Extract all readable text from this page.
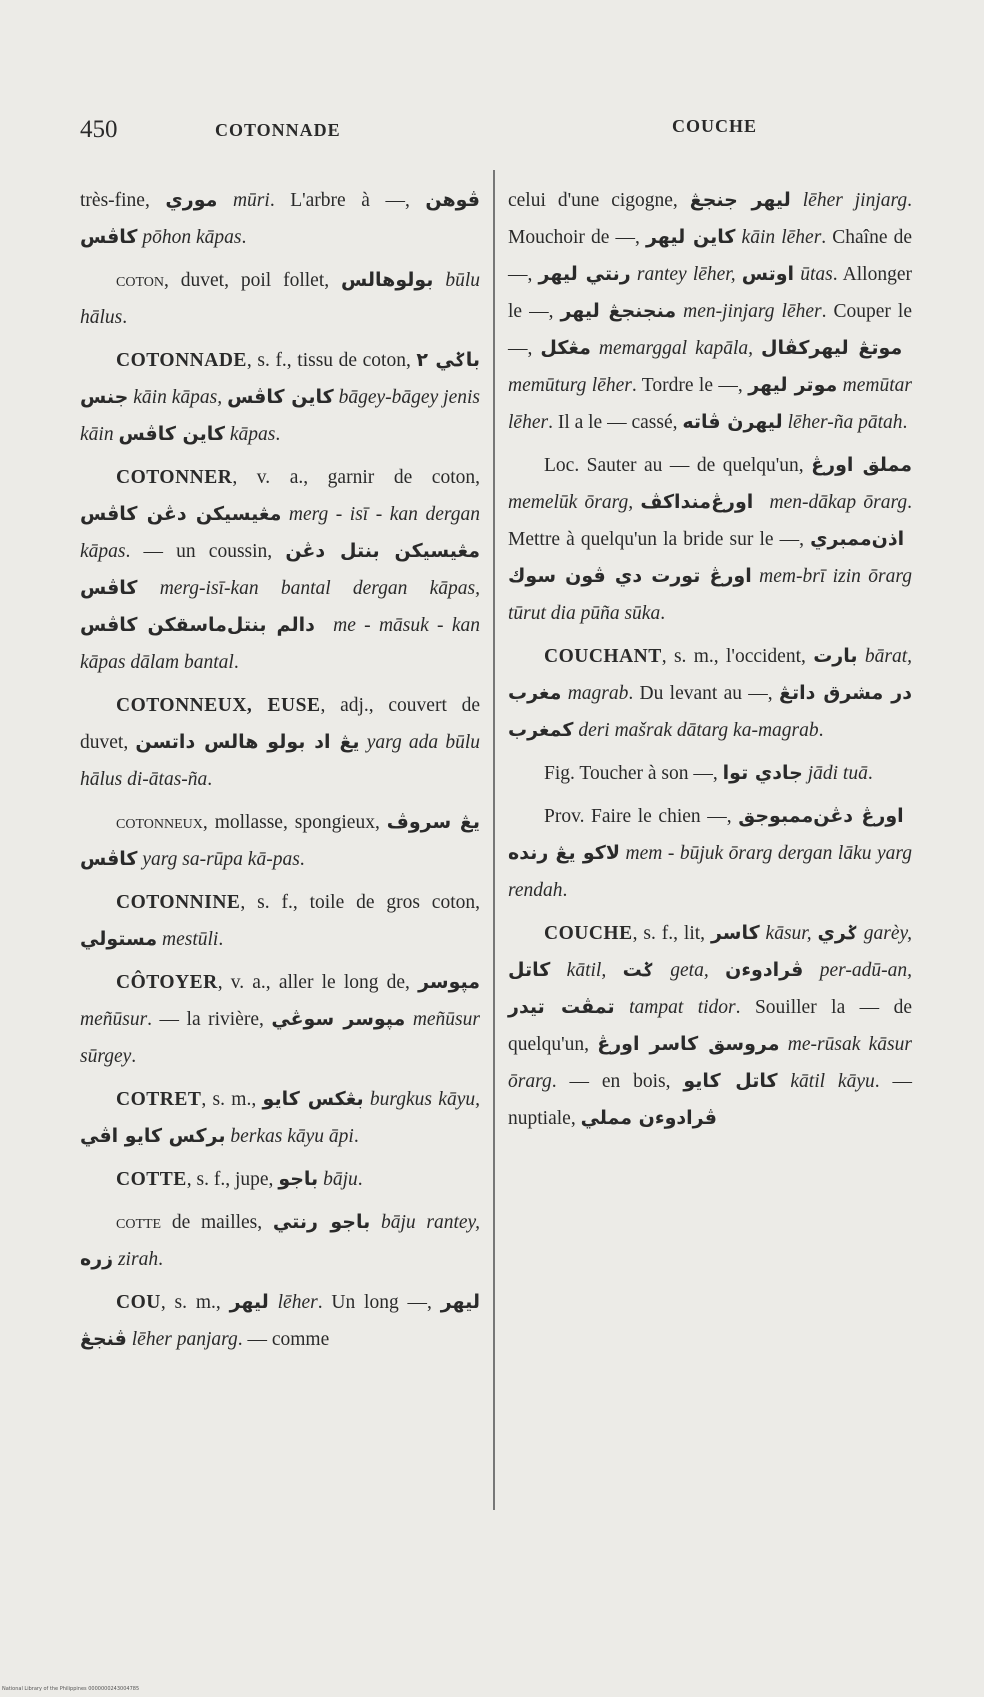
450	COTONNADE	COUCHE

très-fine, موري mūri. L'arbre à —, ڤوهن كاڤس pōhon kāpas.

coton, duvet, poil follet, بولوهالس būlu hālus.

COTONNADE, s. f., tissu de coton, باݢي ٢ جنس kāin kāpas, كاين كاڤس bāgey-bāgey jenis kāin كاين كاڤس kāpas.

COTONNER, v. a., garnir de coton, مڠيسيكن دڠن كاڤس merg - isī - kan dergan kāpas. — un coussin, مڠيسيكن بنتل دڠن كاڤس merg-isī-kan bantal dergan kāpas, ماسقكن كاڤس دالم بنتل me - māsuk - kan kāpas dālam bantal.

COTONNEUX, EUSE, adj., couvert de duvet, يڠ اد بولو هالس داتسن yarg ada būlu hālus di-ātas-ña.

cotonneux, mollasse, spongieux, يڠ سروڤ كاڤس yarg sa-rūpa kā-pas.

COTONNINE, s. f., toile de gros coton, مستولي mestūli.

CÔTOYER, v. a., aller le long de, مپوسر meñūsur. — la rivière, مپوسر سوڠي meñūsur sūrgey.

COTRET, s. m., بڠكس كايو burgkus kāyu, بركس كايو اڤي berkas kāyu āpi.

COTTE, s. f., jupe, باجو bāju.

cotte de mailles, باجو رنتي bāju rantey, زره zirah.

COU, s. m., ليهر lēher. Un long —, ليهر ڤنجڠ lēher panjarg. — comme

celui d'une cigogne, ليهر جنجڠ lēher jinjarg. Mouchoir de —, كاين ليهر kāin lēher. Chaîne de —, رنتي ليهر rantey lēher, اوتس ūtas. Allonger le —, منجنجڠ ليهر men-jinjarg lēher. Couper le —, مڠكل memarggal kapāla, كڤال موتڠ ليهر memūturg lēher. Tordre le —, موتر ليهر memūtar lēher. Il a le — cassé, ليهرڽ ڤاته lēher-ña pātah.

Loc. Sauter au — de quelqu'un, مملق اورڠ memelūk ōrarg, منداكڤ اورڠ men-dākap ōrarg. Mettre à quelqu'un la bride sur le —, ممبري اذن اورڠ تورت دي ڤون سوك mem-brī izin ōrarg tūrut dia pūña sūka.

COUCHANT, s. m., l'occident, بارت bārat, مغرب magrab. Du levant au —, در مشرق داتڠ كمغرب deri mašrak dātarg ka-magrab.

Fig. Toucher à son —, جادي توا jādi tuā.

Prov. Faire le chien —, ممبوجق اورڠ دڠن لاكو يڠ رنده mem - būjuk ōrarg dergan lāku yarg rendah.

COUCHE, s. f., lit, كاسر kāsur, ݢري garèy, كاتل kātil, ݢت geta, ڤرادوءن per-adū-an, تمڤت تيدر tampat tidor. Souiller la — de quelqu'un, مروسق كاسر اورڠ me-rūsak kāsur ōrarg. — en bois, كاتل كايو kātil kāyu. — nuptiale, ڤرادوءن مملي

National Library of the Philippines 0000000243004785
